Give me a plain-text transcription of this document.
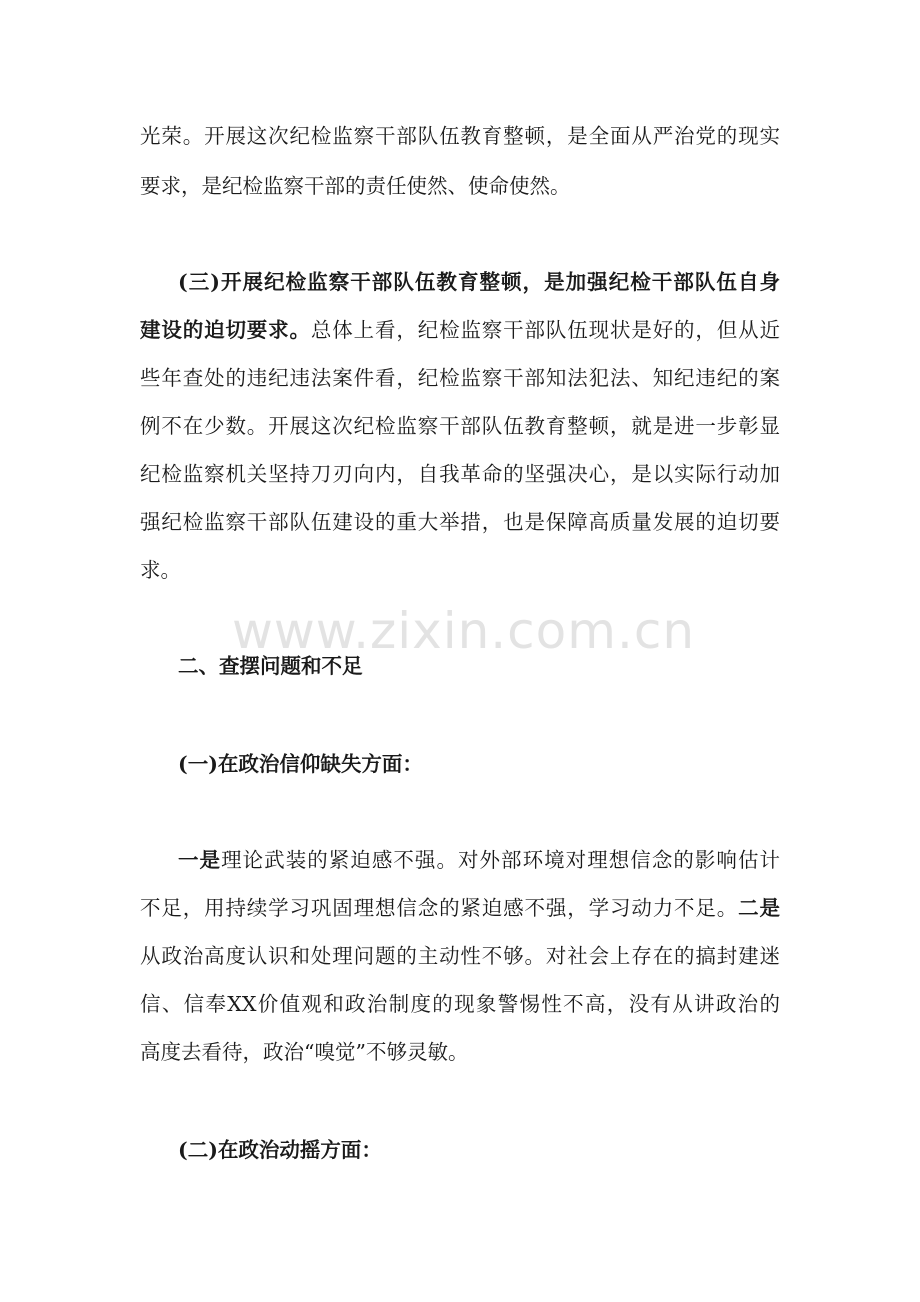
www.zixin.com.cn
光荣。开展这次纪检监察干部队伍教育整顿，是全面从严治党的现实
要求，是纪检监察干部的责任使然、使命使然。
(三)开展纪检监察干部队伍教育整顿，是加强纪检干部队伍自身
建设的迫切要求。总体上看，纪检监察干部队伍现状是好的，但从近
些年查处的违纪违法案件看，纪检监察干部知法犯法、知纪违纪的案
例不在少数。开展这次纪检监察干部队伍教育整顿，就是进一步彰显
纪检监察机关坚持刀刃向内，自我革命的坚强决心，是以实际行动加
强纪检监察干部队伍建设的重大举措，也是保障高质量发展的迫切要
求。
二、查摆问题和不足
(一)在政治信仰缺失方面：
一是理论武装的紧迫感不强。对外部环境对理想信念的影响估计
不足，用持续学习巩固理想信念的紧迫感不强，学习动力不足。二是
从政治高度认识和处理问题的主动性不够。对社会上存在的搞封建迷
信、信奉XX价值观和政治制度的现象警惕性不高，没有从讲政治的
高度去看待，政治“嗅觉”不够灵敏。
(二)在政治动摇方面：
